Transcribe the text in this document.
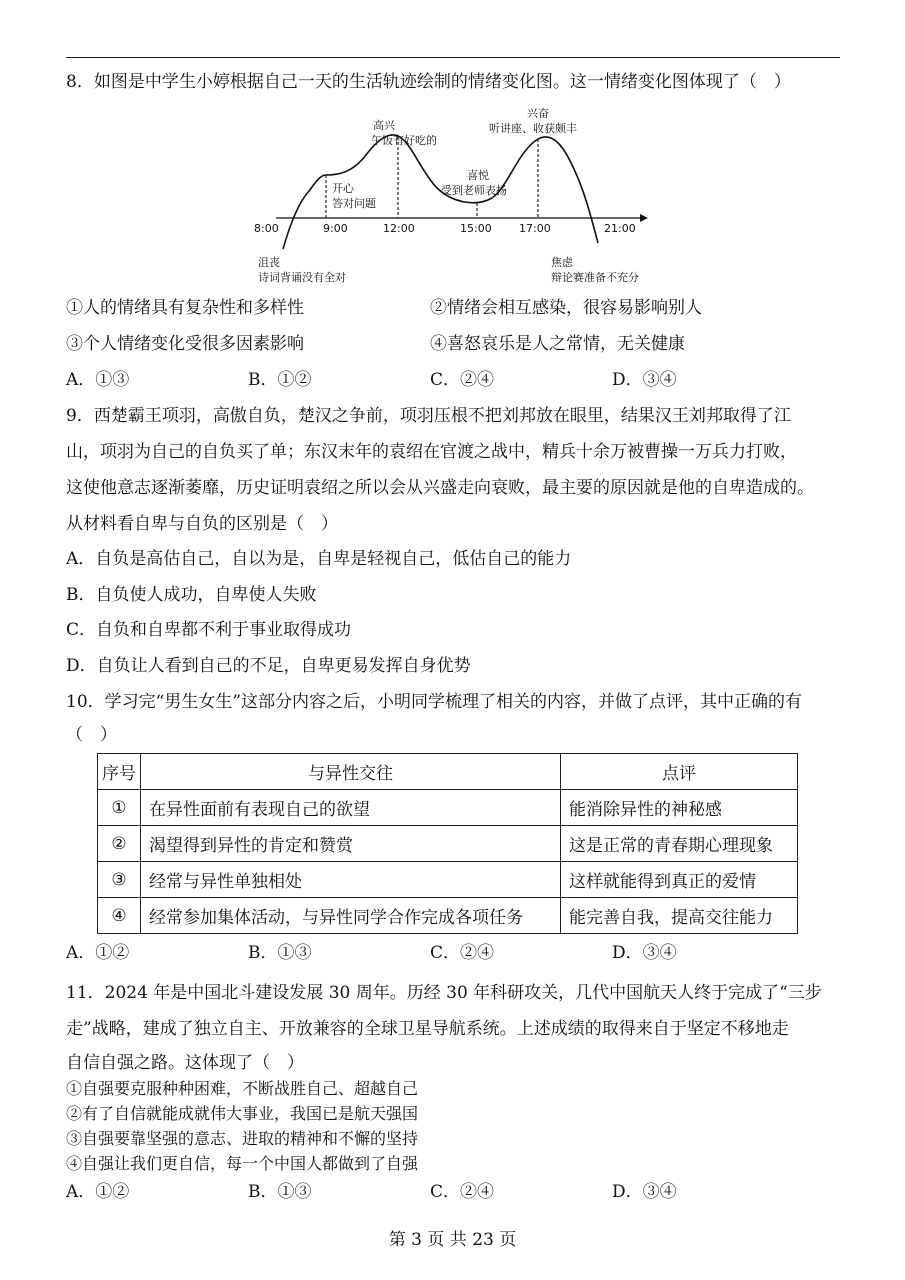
8．如图是中学生小婷根据自己一天的生活轨迹绘制的情绪变化图。这一情绪变化图体现了（　）
8:00	9:00	12:00	15:00 17:00	21:00
高兴
午饭有好吃的
兴奋
听讲座、收获颇丰
开心
答对问题
喜悦
受到老师表扬
沮丧
诗词背诵没有全对
焦虑
辩论赛准备不充分
①人的情绪具有复杂性和多样性	②情绪会相互感染，很容易影响别人
③个人情绪变化受很多因素影响	④喜怒哀乐是人之常情，无关健康
A．①③	B．①②	C．②④	D．③④
9．西楚霸王项羽，高傲自负，楚汉之争前，项羽压根不把刘邦放在眼里，结果汉王刘邦取得了江
山，项羽为自己的自负买了单；东汉末年的袁绍在官渡之战中，精兵十余万被曹操一万兵力打败，
这使他意志逐渐萎靡，历史证明袁绍之所以会从兴盛走向衰败，最主要的原因就是他的自卑造成的。
从材料看自卑与自负的区别是（　）
A．自负是高估自己，自以为是，自卑是轻视自己，低估自己的能力
B．自负使人成功，自卑使人失败
C．自负和自卑都不利于事业取得成功
D．自负让人看到自己的不足，自卑更易发挥自身优势
10．学习完“男生女生”这部分内容之后，小明同学梳理了相关的内容，并做了点评，其中正确的有
（　）
序号	与异性交往	点评
①	在异性面前有表现自己的欲望	能消除异性的神秘感
②	渴望得到异性的肯定和赞赏	这是正常的青春期心理现象
③	经常与异性单独相处	这样就能得到真正的爱情
④	经常参加集体活动，与异性同学合作完成各项任务	能完善自我，提高交往能力
A．①②	B．①③	C．②④	D．③④
11．2024 年是中国北斗建设发展 30 周年。历经 30 年科研攻关，几代中国航天人终于完成了“三步
走”战略，建成了独立自主、开放兼容的全球卫星导航系统。上述成绩的取得来自于坚定不移地走
自信自强之路。这体现了（　）
①自强要克服种种困难，不断战胜自己、超越自己
②有了自信就能成就伟大事业，我国已是航天强国
③自强要靠坚强的意志、进取的精神和不懈的坚持
④自强让我们更自信，每一个中国人都做到了自强
A．①②	B．①③	C．②④	D．③④
第 3 页 共 23 页
